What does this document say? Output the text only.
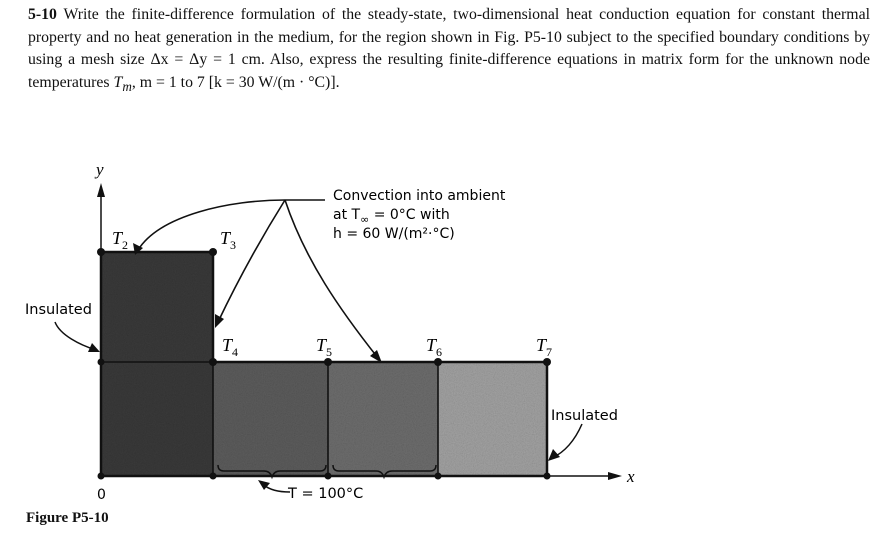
5-10 Write the finite-difference formulation of the steady-state, two-dimensional heat conduction equation for constant thermal property and no heat generation in the medium, for the region shown in Fig. P5-10 subject to the specified boundary conditions by using a mesh size Δx = Δy = 1 cm. Also, express the resulting finite-difference equations in matrix form for the unknown node temperatures $T_m$, m = 1 to 7 [k = 30 W/(m · °C)].

y
x
0
$T_2$	$T_3$
$T_4$	$T_5$	$T_6$	$T_7$
Convection into ambient
at $T_\infty = 0^\circ C$ with
h = 60 W/(m²·°C)
Insulated
Insulated
T = 100°C
Figure P5-10
